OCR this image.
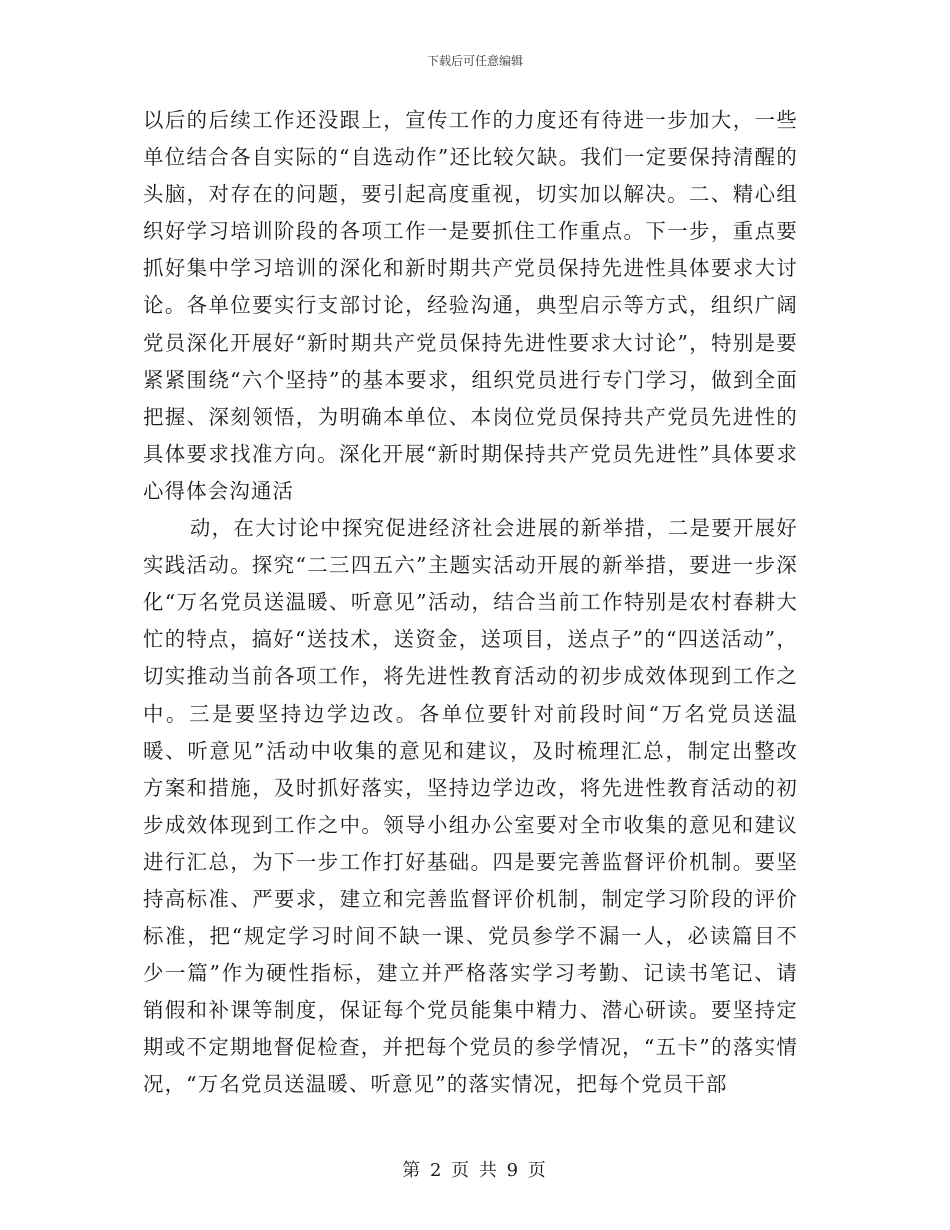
下载后可任意编辑

以后的后续工作还没跟上，宣传工作的力度还有待进一步加大，一些单位结合各自实际的“自选动作”还比较欠缺。我们一定要保持清醒的头脑，对存在的问题，要引起高度重视，切实加以解决。二、精心组织好学习培训阶段的各项工作一是要抓住工作重点。下一步，重点要抓好集中学习培训的深化和新时期共产党员保持先进性具体要求大讨论。各单位要实行支部讨论，经验沟通，典型启示等方式，组织广阔党员深化开展好“新时期共产党员保持先进性要求大讨论”，特别是要紧紧围绕“六个坚持”的基本要求，组织党员进行专门学习，做到全面把握、深刻领悟，为明确本单位、本岗位党员保持共产党员先进性的具体要求找准方向。深化开展“新时期保持共产党员先进性”具体要求心得体会沟通活

动，在大讨论中探究促进经济社会进展的新举措，二是要开展好实践活动。探究“二三四五六”主题实活动开展的新举措，要进一步深化“万名党员送温暖、听意见”活动，结合当前工作特别是农村春耕大忙的特点，搞好“送技术，送资金，送项目，送点子”的“四送活动”，切实推动当前各项工作，将先进性教育活动的初步成效体现到工作之中。三是要坚持边学边改。各单位要针对前段时间“万名党员送温暖、听意见”活动中收集的意见和建议，及时梳理汇总，制定出整改方案和措施，及时抓好落实，坚持边学边改，将先进性教育活动的初步成效体现到工作之中。领导小组办公室要对全市收集的意见和建议进行汇总，为下一步工作打好基础。四是要完善监督评价机制。要坚持高标准、严要求，建立和完善监督评价机制，制定学习阶段的评价标准，把“规定学习时间不缺一课、党员参学不漏一人，必读篇目不少一篇”作为硬性指标，建立并严格落实学习考勤、记读书笔记、请销假和补课等制度，保证每个党员能集中精力、潜心研读。要坚持定期或不定期地督促检查，并把每个党员的参学情况，“五卡”的落实情况，“万名党员送温暖、听意见”的落实情况，把每个党员干部

第 2 页 共 9 页
